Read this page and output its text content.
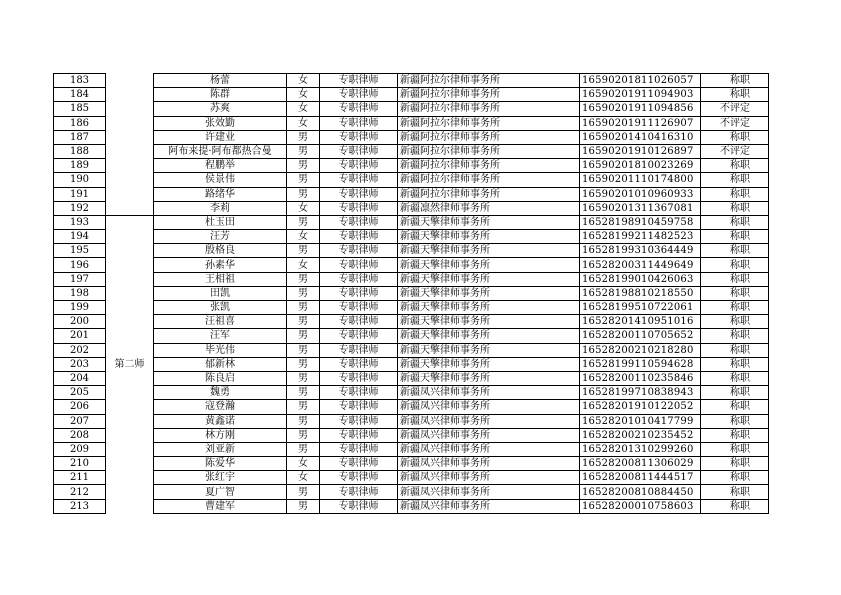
183		杨蕾	女	专职律师	新疆阿拉尔律师事务所	16590201811026057	称职
184		陈群	女	专职律师	新疆阿拉尔律师事务所	16590201911094903	称职
185		苏爽	女	专职律师	新疆阿拉尔律师事务所	16590201911094856	不评定
186		张效勤	女	专职律师	新疆阿拉尔律师事务所	16590201911126907	不评定
187		许建业	男	专职律师	新疆阿拉尔律师事务所	16590201410416310	称职
188		阿布来提·阿布都热合曼	男	专职律师	新疆阿拉尔律师事务所	16590201910126897	不评定
189		程鹏举	男	专职律师	新疆阿拉尔律师事务所	16590201810023269	称职
190		侯景伟	男	专职律师	新疆阿拉尔律师事务所	16590201110174800	称职
191		路绪华	男	专职律师	新疆阿拉尔律师事务所	16590201010960933	称职
192		李莉	女	专职律师	新疆凛然律师事务所	16590201311367081	称职
193	第二师	杜玉田	男	专职律师	新疆天擎律师事务所	16528198910459758	称职
194		汪芳	女	专职律师	新疆天擎律师事务所	16528199211482523	称职
195		殷格良	男	专职律师	新疆天擎律师事务所	16528199310364449	称职
196		孙素华	女	专职律师	新疆天擎律师事务所	16528200311449649	称职
197		王相祖	男	专职律师	新疆天擎律师事务所	16528199010426063	称职
198		田凯	男	专职律师	新疆天擎律师事务所	16528198810218550	称职
199		张凯	男	专职律师	新疆天擎律师事务所	16528199510722061	称职
200		汪祖喜	男	专职律师	新疆天擎律师事务所	16528201410951016	称职
201		汪军	男	专职律师	新疆天擎律师事务所	16528200110705652	称职
202		毕光伟	男	专职律师	新疆天擎律师事务所	16528200210218280	称职
203		郁新林	男	专职律师	新疆天擎律师事务所	16528199110594628	称职
204		陈良启	男	专职律师	新疆天擎律师事务所	16528200110235846	称职
205		魏勇	男	专职律师	新疆凤兴律师事务所	16528199710838943	称职
206		寇登瀚	男	专职律师	新疆凤兴律师事务所	16528201910122052	称职
207		黄鑫诺	男	专职律师	新疆凤兴律师事务所	16528201010417799	称职
208		林方刚	男	专职律师	新疆凤兴律师事务所	16528200210235452	称职
209		刘亚新	男	专职律师	新疆凤兴律师事务所	16528201310299260	称职
210		陈爱华	女	专职律师	新疆凤兴律师事务所	16528200811306029	称职
211		张红宇	女	专职律师	新疆凤兴律师事务所	16528200811444517	称职
212		夏广智	男	专职律师	新疆凤兴律师事务所	16528200810884450	称职
213		曹建军	男	专职律师	新疆凤兴律师事务所	16528200010758603	称职
